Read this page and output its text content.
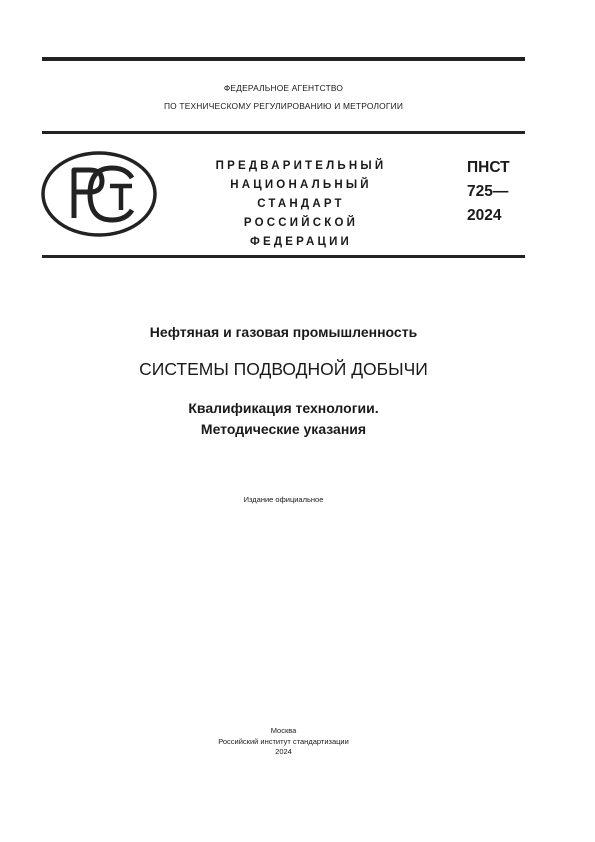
ФЕДЕРАЛЬНОЕ АГЕНТСТВО
ПО ТЕХНИЧЕСКОМУ РЕГУЛИРОВАНИЮ И МЕТРОЛОГИИ
ПРЕДВАРИТЕЛЬНЫЙ
НАЦИОНАЛЬНЫЙ
СТАНДАРТ
РОССИЙСКОЙ
ФЕДЕРАЦИИ
ПНСТ
725—
2024
Нефтяная и газовая промышленность
СИСТЕМЫ ПОДВОДНОЙ ДОБЫЧИ
Квалификация технологии.
Методические указания
Издание официальное
Москва
Российский институт стандартизации
2024
